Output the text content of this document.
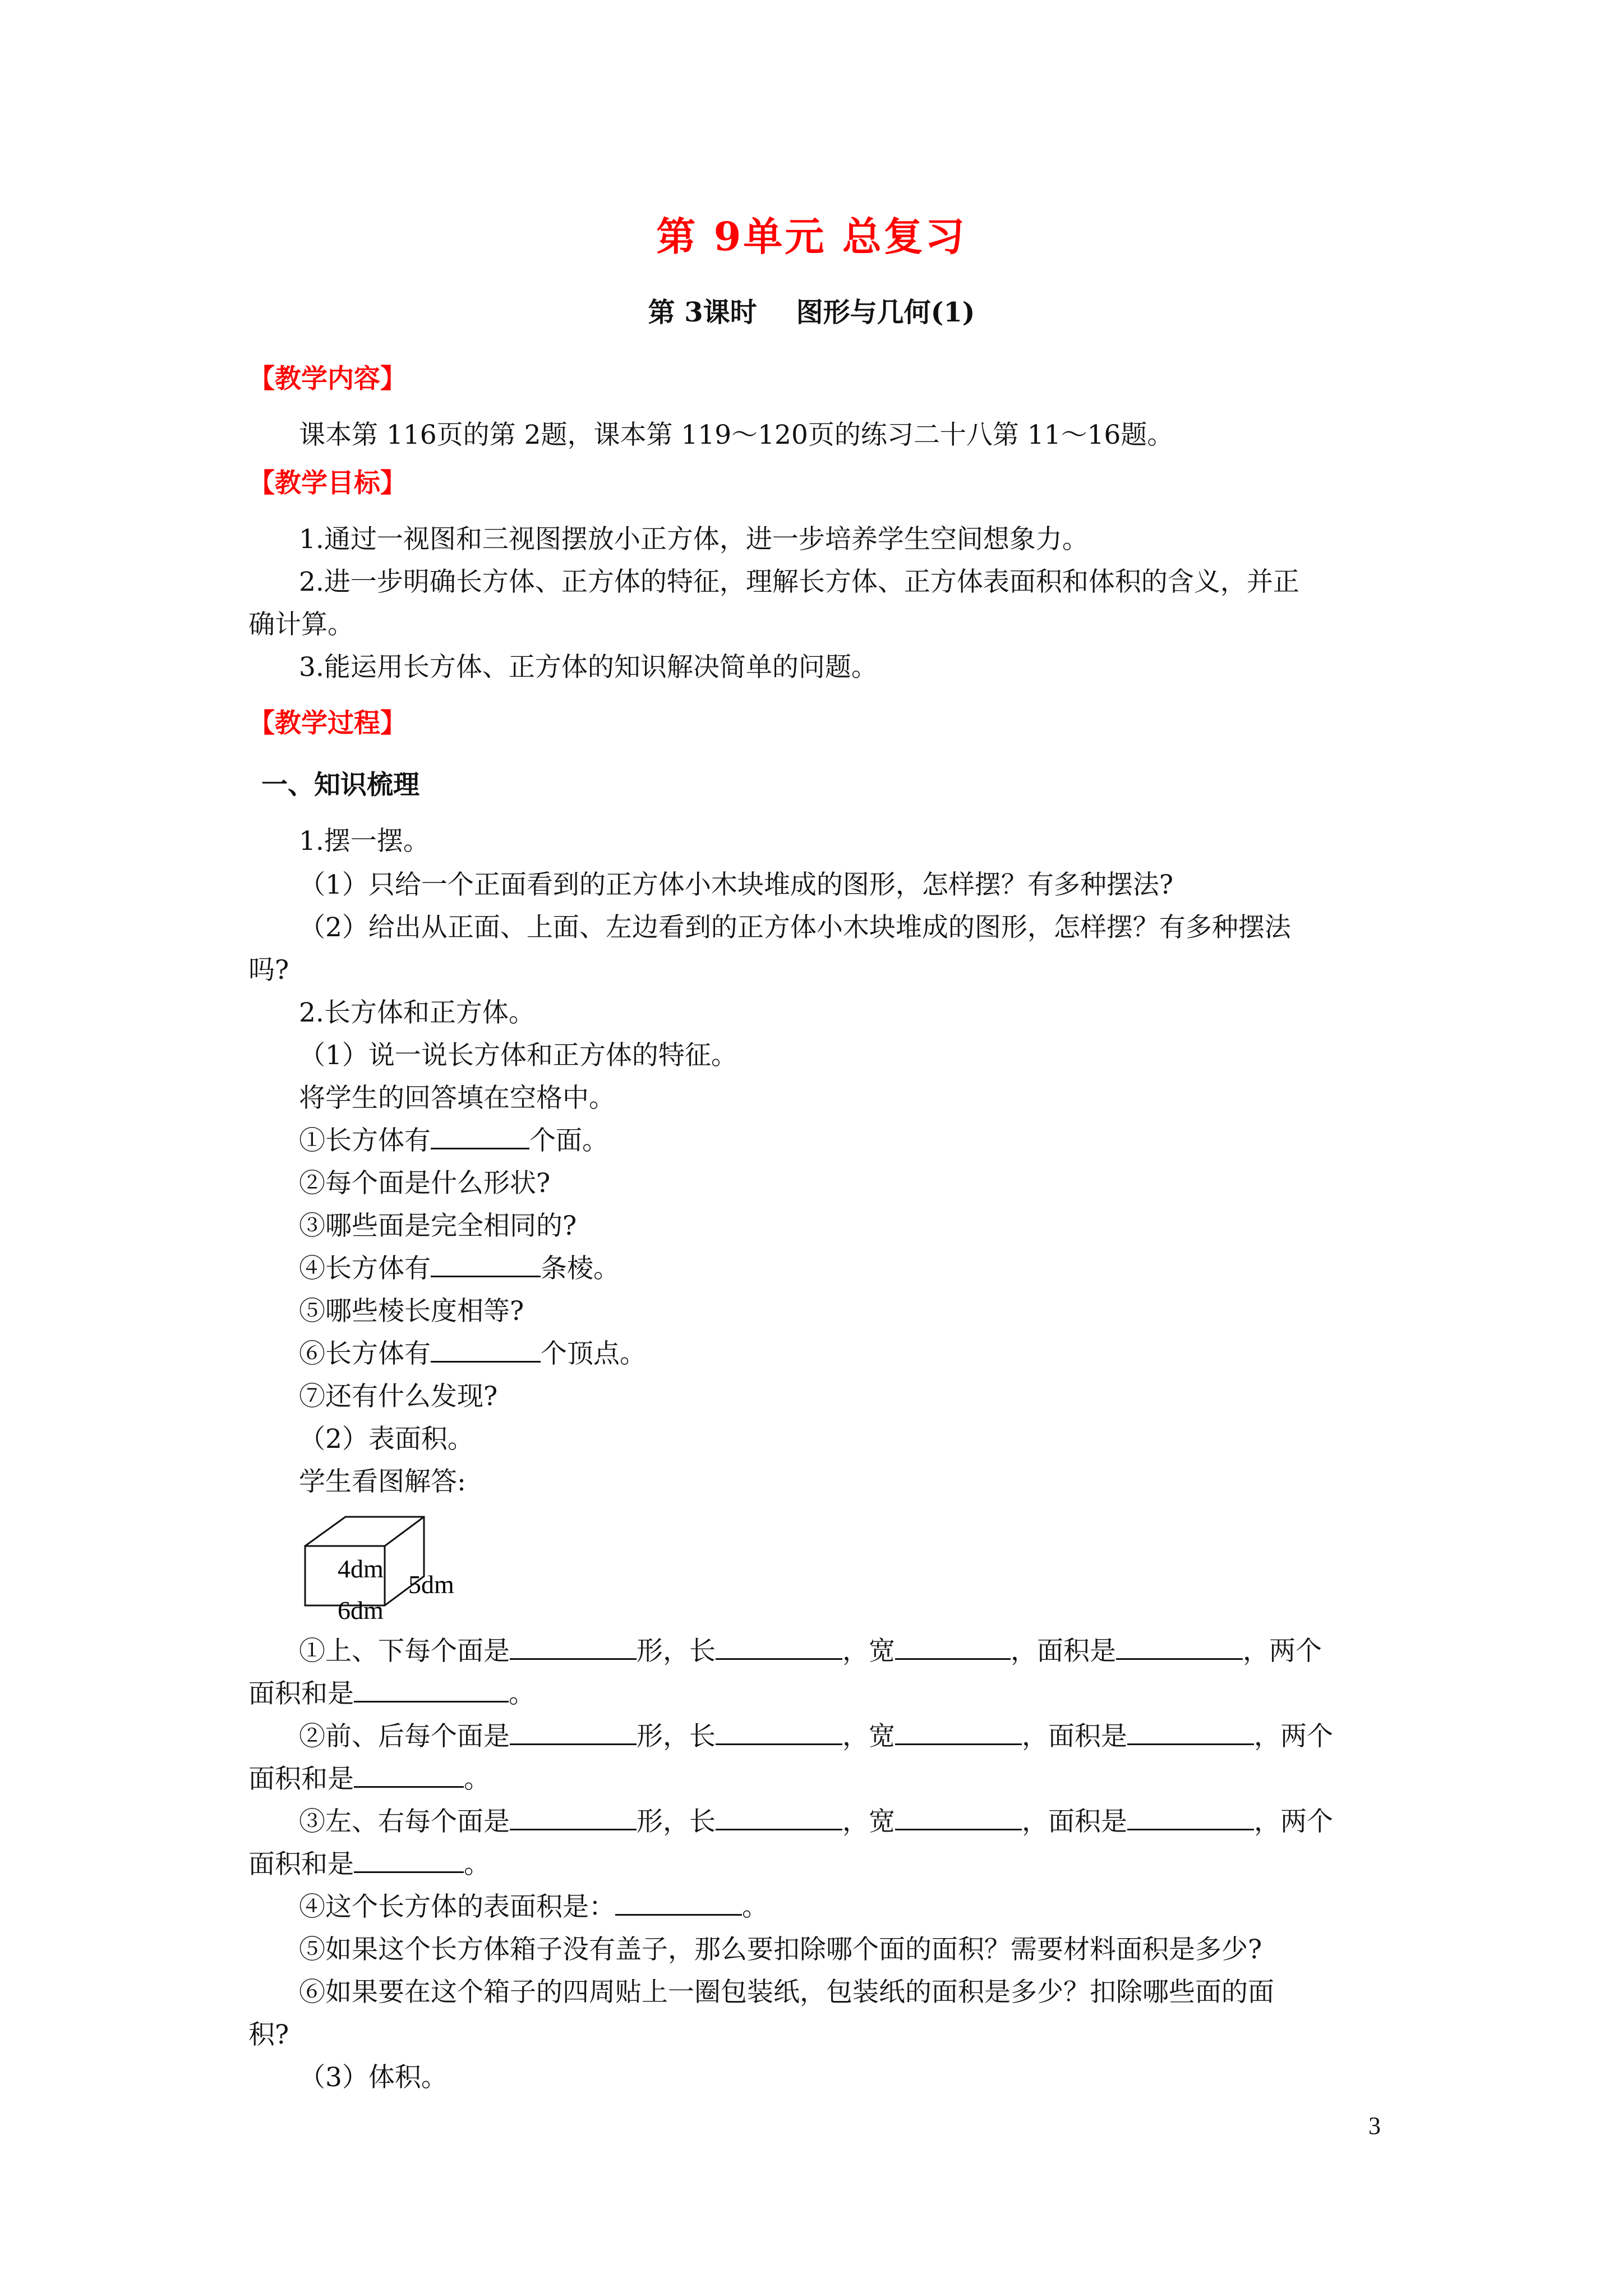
第 9单元 总复习
第 3课时 图形与几何(1)
【教学内容】
课本第 116页的第 2题，课本第 119～120页的练习二十八第 11～16题。
【教学目标】
1.通过一视图和三视图摆放小正方体，进一步培养学生空间想象力。
2.进一步明确长方体、正方体的特征，理解长方体、正方体表面积和体积的含义，并正
确计算。
3.能运用长方体、正方体的知识解决简单的问题。
【教学过程】
一、知识梳理
1.摆一摆。
（1）只给一个正面看到的正方体小木块堆成的图形，怎样摆？有多种摆法?
（2）给出从正面、上面、左边看到的正方体小木块堆成的图形，怎样摆？有多种摆法
吗?
2.长方体和正方体。
（1）说一说长方体和正方体的特征。
将学生的回答填在空格中。
①长方体有	个面。
②每个面是什么形状?
③哪些面是完全相同的?
④长方体有	条棱。
⑤哪些棱长度相等?
⑥长方体有	个顶点。
⑦还有什么发现?
（2）表面积。
学生看图解答:
4dm
5dm
6dm
①上、下每个面是	形，长	，宽	，面积是	，两个
面积和是	。
②前、后每个面是	形，长	，宽	，面积是	，两个
面积和是	。
③左、右每个面是	形，长	，宽	，面积是	，两个
面积和是	。
④这个长方体的表面积是：	。
⑤如果这个长方体箱子没有盖子，那么要扣除哪个面的面积？需要材料面积是多少?
⑥如果要在这个箱子的四周贴上一圈包装纸，包装纸的面积是多少？扣除哪些面的面
积?
（3）体积。
3
